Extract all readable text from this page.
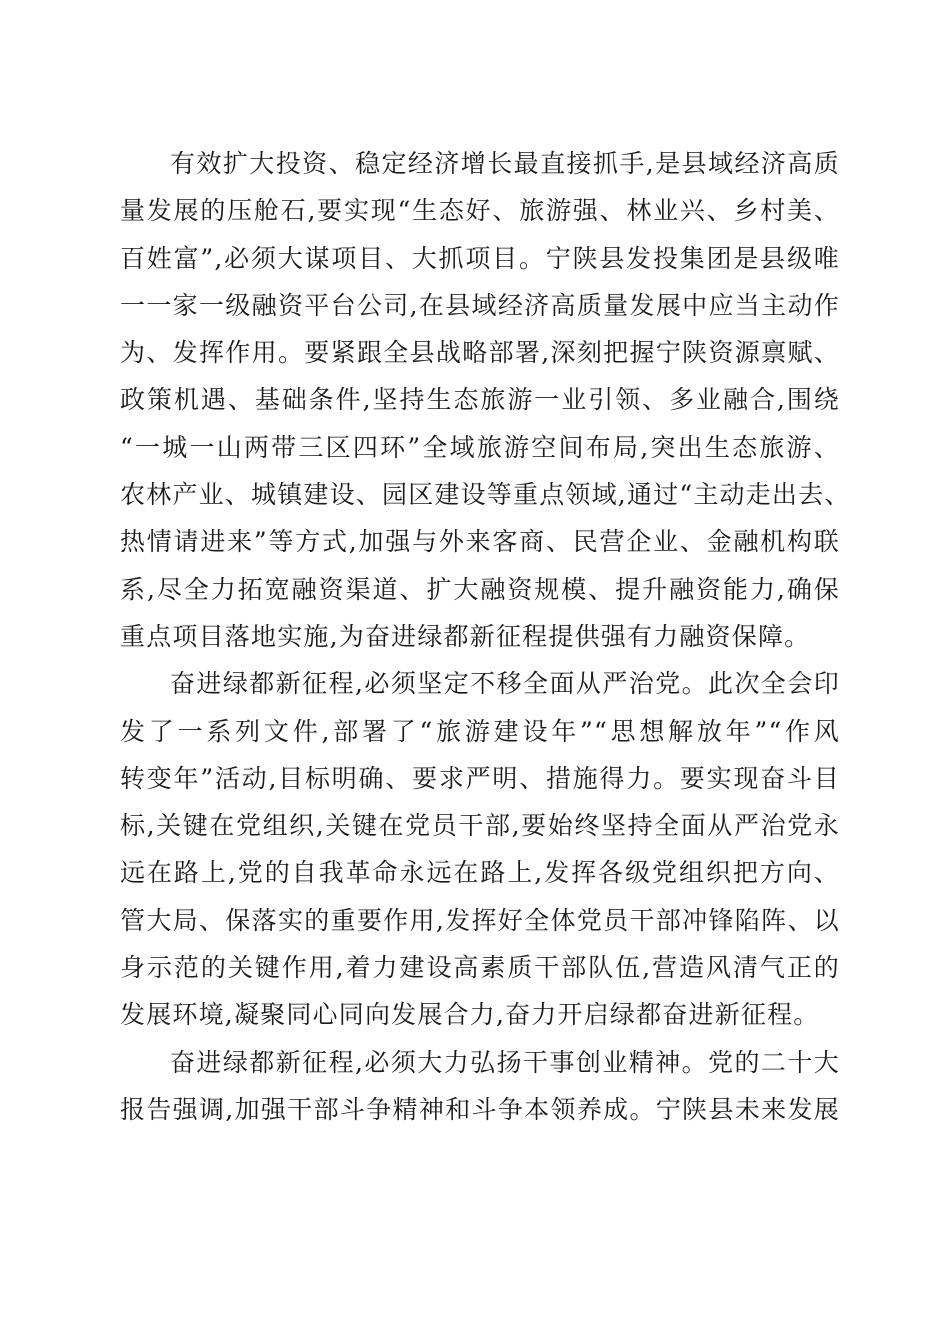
有效扩大投资、稳定经济增长最直接抓手,是县域经济高质
量发展的压舱石,要实现“生态好、旅游强、林业兴、乡村美、
百姓富”,必须大谋项目、大抓项目。宁陕县发投集团是县级唯
一一家一级融资平台公司,在县域经济高质量发展中应当主动作
为、发挥作用。要紧跟全县战略部署,深刻把握宁陕资源禀赋、
政策机遇、基础条件,坚持生态旅游一业引领、多业融合,围绕
“一城一山两带三区四环”全域旅游空间布局,突出生态旅游、
农林产业、城镇建设、园区建设等重点领域,通过“主动走出去、
热情请进来”等方式,加强与外来客商、民营企业、金融机构联
系,尽全力拓宽融资渠道、扩大融资规模、提升融资能力,确保
重点项目落地实施,为奋进绿都新征程提供强有力融资保障。
奋进绿都新征程,必须坚定不移全面从严治党。此次全会印
发了一系列文件,部署了“旅游建设年”“思想解放年”“作风
转变年”活动,目标明确、要求严明、措施得力。要实现奋斗目
标,关键在党组织,关键在党员干部,要始终坚持全面从严治党永
远在路上,党的自我革命永远在路上,发挥各级党组织把方向、
管大局、保落实的重要作用,发挥好全体党员干部冲锋陷阵、以
身示范的关键作用,着力建设高素质干部队伍,营造风清气正的
发展环境,凝聚同心同向发展合力,奋力开启绿都奋进新征程。
奋进绿都新征程,必须大力弘扬干事创业精神。党的二十大
报告强调,加强干部斗争精神和斗争本领养成。宁陕县未来发展
